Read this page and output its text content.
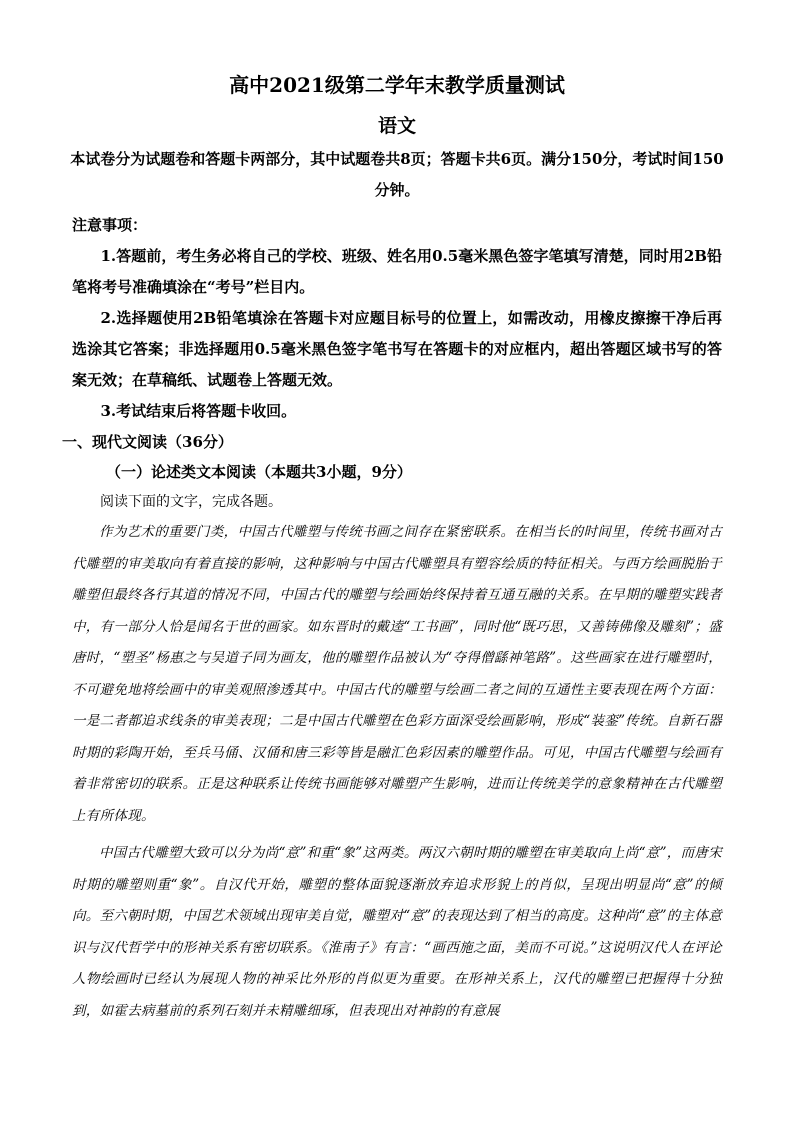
高中2021级第二学年末教学质量测试
语文

本试卷分为试题卷和答题卡两部分，其中试题卷共8页；答题卡共6页。满分150分，考试时间150分钟。

注意事项：

1.答题前，考生务必将自己的学校、班级、姓名用0.5毫米黑色签字笔填写清楚，同时用2B铅笔将考号准确填涂在“考号”栏目内。

2.选择题使用2B铅笔填涂在答题卡对应题目标号的位置上，如需改动，用橡皮擦擦干净后再选涂其它答案；非选择题用0.5毫米黑色签字笔书写在答题卡的对应框内，超出答题区域书写的答案无效；在草稿纸、试题卷上答题无效。

3.考试结束后将答题卡收回。

一、现代文阅读（36分）

（一）论述类文本阅读（本题共3小题，9分）

阅读下面的文字，完成各题。

作为艺术的重要门类，中国古代雕塑与传统书画之间存在紧密联系。在相当长的时间里，传统书画对古代雕塑的审美取向有着直接的影响，这种影响与中国古代雕塑具有塑容绘质的特征相关。与西方绘画脱胎于雕塑但最终各行其道的情况不同，中国古代的雕塑与绘画始终保持着互通互融的关系。在早期的雕塑实践者中，有一部分人恰是闻名于世的画家。如东晋时的戴逵“工书画”，同时他“既巧思，又善铸佛像及雕刻”；盛唐时，“塑圣”杨惠之与吴道子同为画友，他的雕塑作品被认为“夺得僧繇神笔路”。这些画家在进行雕塑时，不可避免地将绘画中的审美观照渗透其中。中国古代的雕塑与绘画二者之间的互通性主要表现在两个方面：一是二者都追求线条的审美表现；二是中国古代雕塑在色彩方面深受绘画影响，形成“装銮”传统。自新石器时期的彩陶开始，至兵马俑、汉俑和唐三彩等皆是融汇色彩因素的雕塑作品。可见，中国古代雕塑与绘画有着非常密切的联系。正是这种联系让传统书画能够对雕塑产生影响，进而让传统美学的意象精神在古代雕塑上有所体现。

中国古代雕塑大致可以分为尚“意”和重“象”这两类。两汉六朝时期的雕塑在审美取向上尚“意”，而唐宋时期的雕塑则重“象”。自汉代开始，雕塑的整体面貌逐渐放弃追求形貌上的肖似，呈现出明显尚“意”的倾向。至六朝时期，中国艺术领域出现审美自觉，雕塑对“意”的表现达到了相当的高度。这种尚“意”的主体意识与汉代哲学中的形神关系有密切联系。《淮南子》有言：“画西施之面，美而不可说。”这说明汉代人在评论人物绘画时已经认为展现人物的神采比外形的肖似更为重要。在形神关系上，汉代的雕塑已把握得十分独到，如霍去病墓前的系列石刻并未精雕细琢，但表现出对神韵的有意展
